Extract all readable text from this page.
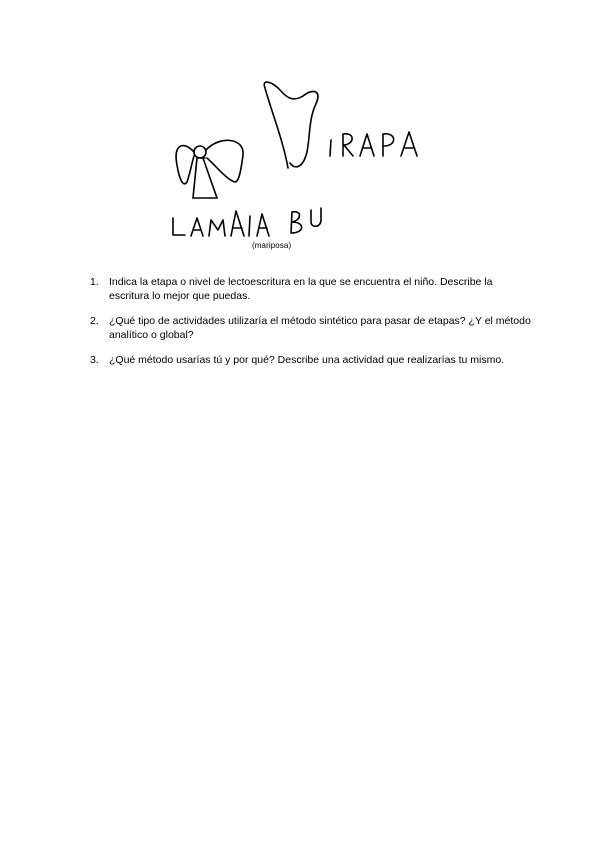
(mariposa)
1. Indica la etapa o nivel de lectoescritura en la que se encuentra el niño. Describe la escritura lo mejor que puedas.
2. ¿Qué tipo de actividades utilizaría el método sintético para pasar de etapas? ¿Y el método analítico o global?
3. ¿Qué método usarías tú y por qué? Describe una actividad que realizarías tu mismo.
